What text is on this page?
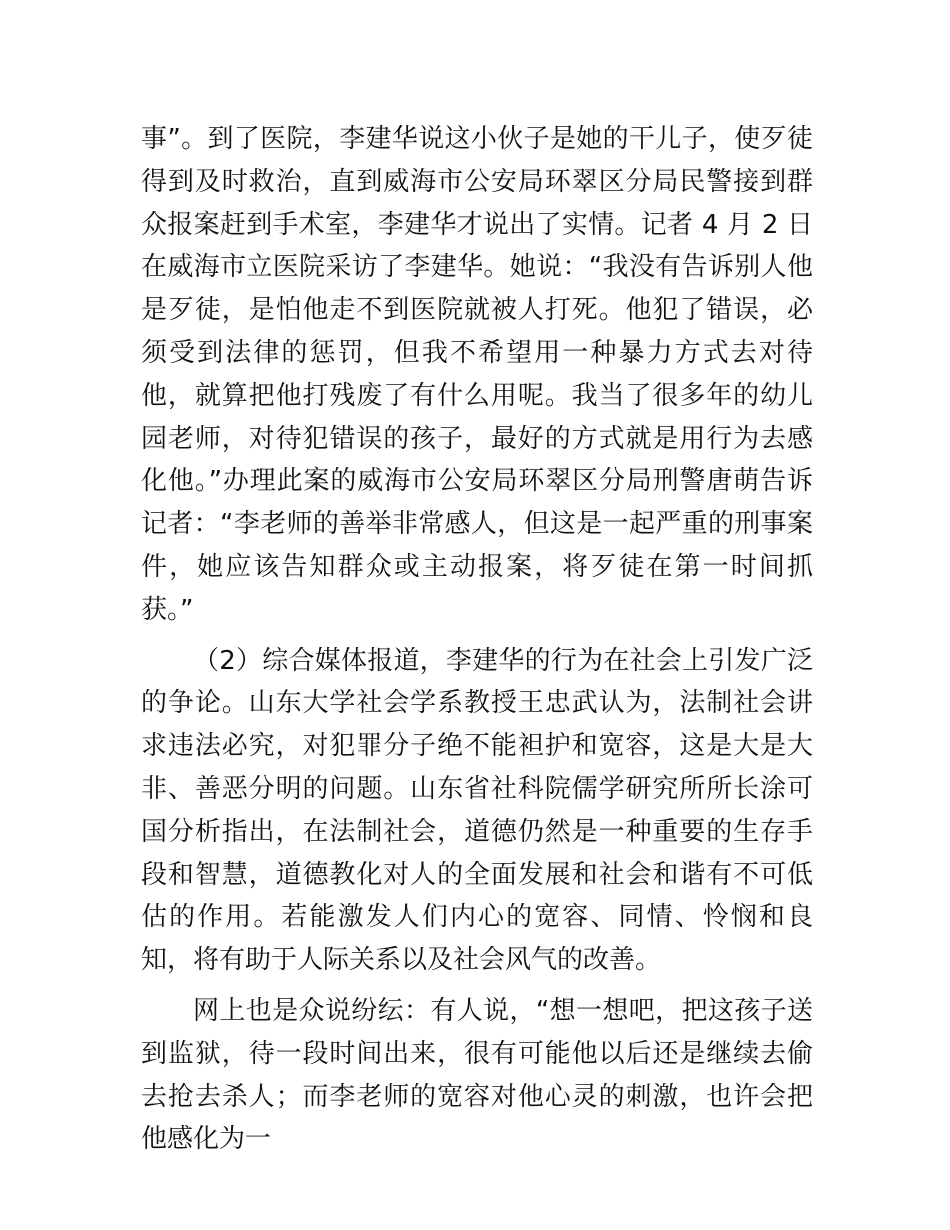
事”。到了医院，李建华说这小伙子是她的干儿子，使歹徒得到及时救治，直到威海市公安局环翠区分局民警接到群众报案赶到手术室，李建华才说出了实情。记者 4 月 2 日在威海市立医院采访了李建华。她说：“我没有告诉别人他是歹徒，是怕他走不到医院就被人打死。他犯了错误，必须受到法律的惩罚，但我不希望用一种暴力方式去对待他，就算把他打残废了有什么用呢。我当了很多年的幼儿园老师，对待犯错误的孩子，最好的方式就是用行为去感化他。”办理此案的威海市公安局环翠区分局刑警唐萌告诉记者：“李老师的善举非常感人，但这是一起严重的刑事案件，她应该告知群众或主动报案，将歹徒在第一时间抓获。”

（2）综合媒体报道，李建华的行为在社会上引发广泛的争论。山东大学社会学系教授王忠武认为，法制社会讲求违法必究，对犯罪分子绝不能袒护和宽容，这是大是大非、善恶分明的问题。山东省社科院儒学研究所所长涂可国分析指出，在法制社会，道德仍然是一种重要的生存手段和智慧，道德教化对人的全面发展和社会和谐有不可低估的作用。若能激发人们内心的宽容、同情、怜悯和良知，将有助于人际关系以及社会风气的改善。

网上也是众说纷纭：有人说，“想一想吧，把这孩子送到监狱，待一段时间出来，很有可能他以后还是继续去偷去抢去杀人；而李老师的宽容对他心灵的刺激，也许会把他感化为一
